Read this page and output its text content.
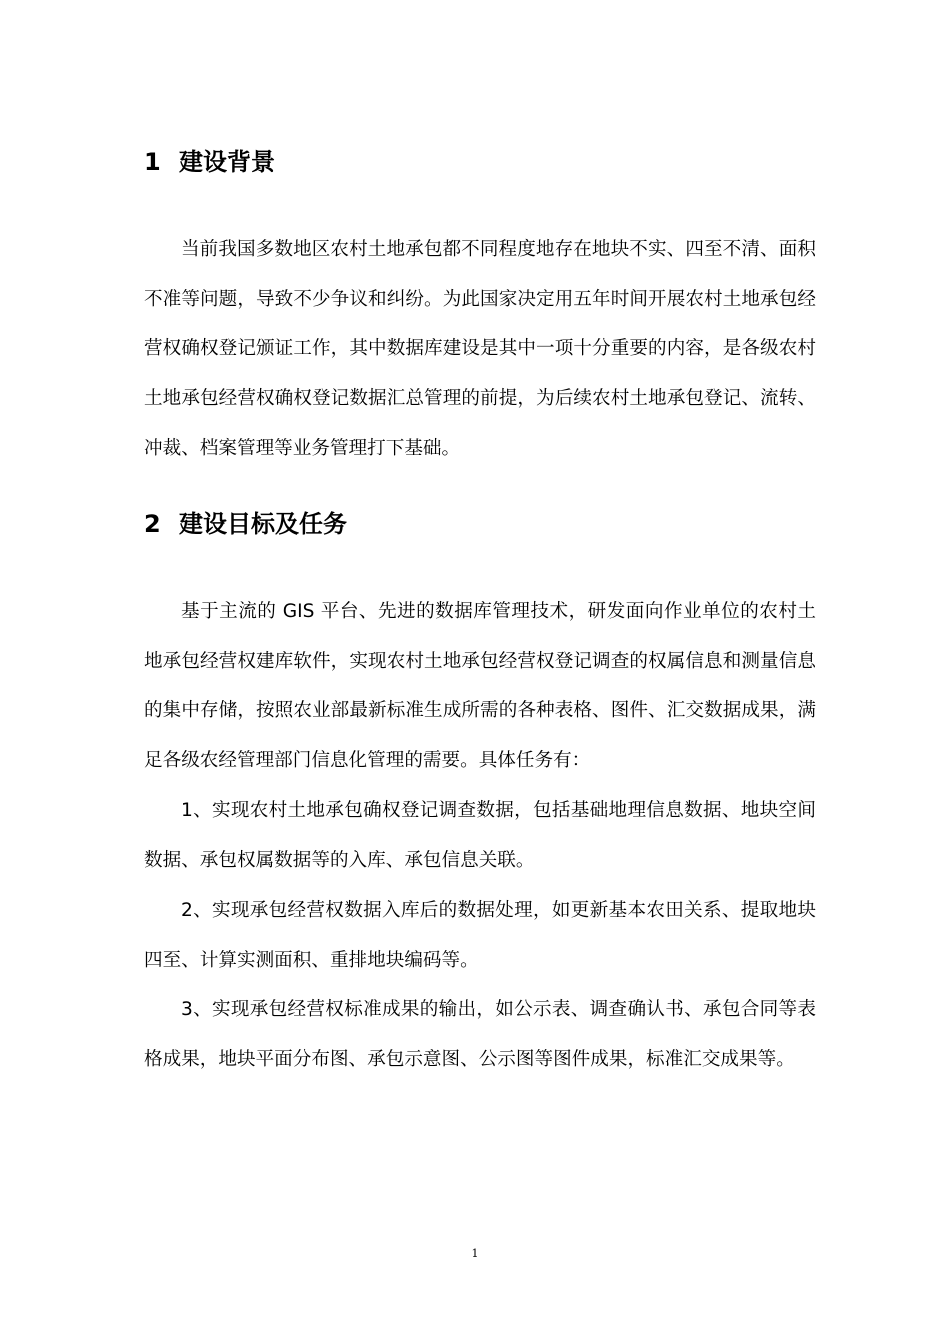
1 建设背景

当前我国多数地区农村土地承包都不同程度地存在地块不实、四至不清、面积不准等问题，导致不少争议和纠纷。为此国家决定用五年时间开展农村土地承包经营权确权登记颁证工作，其中数据库建设是其中一项十分重要的内容，是各级农村土地承包经营权确权登记数据汇总管理的前提，为后续农村土地承包登记、流转、冲裁、档案管理等业务管理打下基础。

2 建设目标及任务

基于主流的 GIS 平台、先进的数据库管理技术，研发面向作业单位的农村土地承包经营权建库软件，实现农村土地承包经营权登记调查的权属信息和测量信息的集中存储，按照农业部最新标准生成所需的各种表格、图件、汇交数据成果，满足各级农经管理部门信息化管理的需要。具体任务有：

1、实现农村土地承包确权登记调查数据，包括基础地理信息数据、地块空间数据、承包权属数据等的入库、承包信息关联。

2、实现承包经营权数据入库后的数据处理，如更新基本农田关系、提取地块四至、计算实测面积、重排地块编码等。

3、实现承包经营权标准成果的输出，如公示表、调查确认书、承包合同等表格成果，地块平面分布图、承包示意图、公示图等图件成果，标准汇交成果等。

1
